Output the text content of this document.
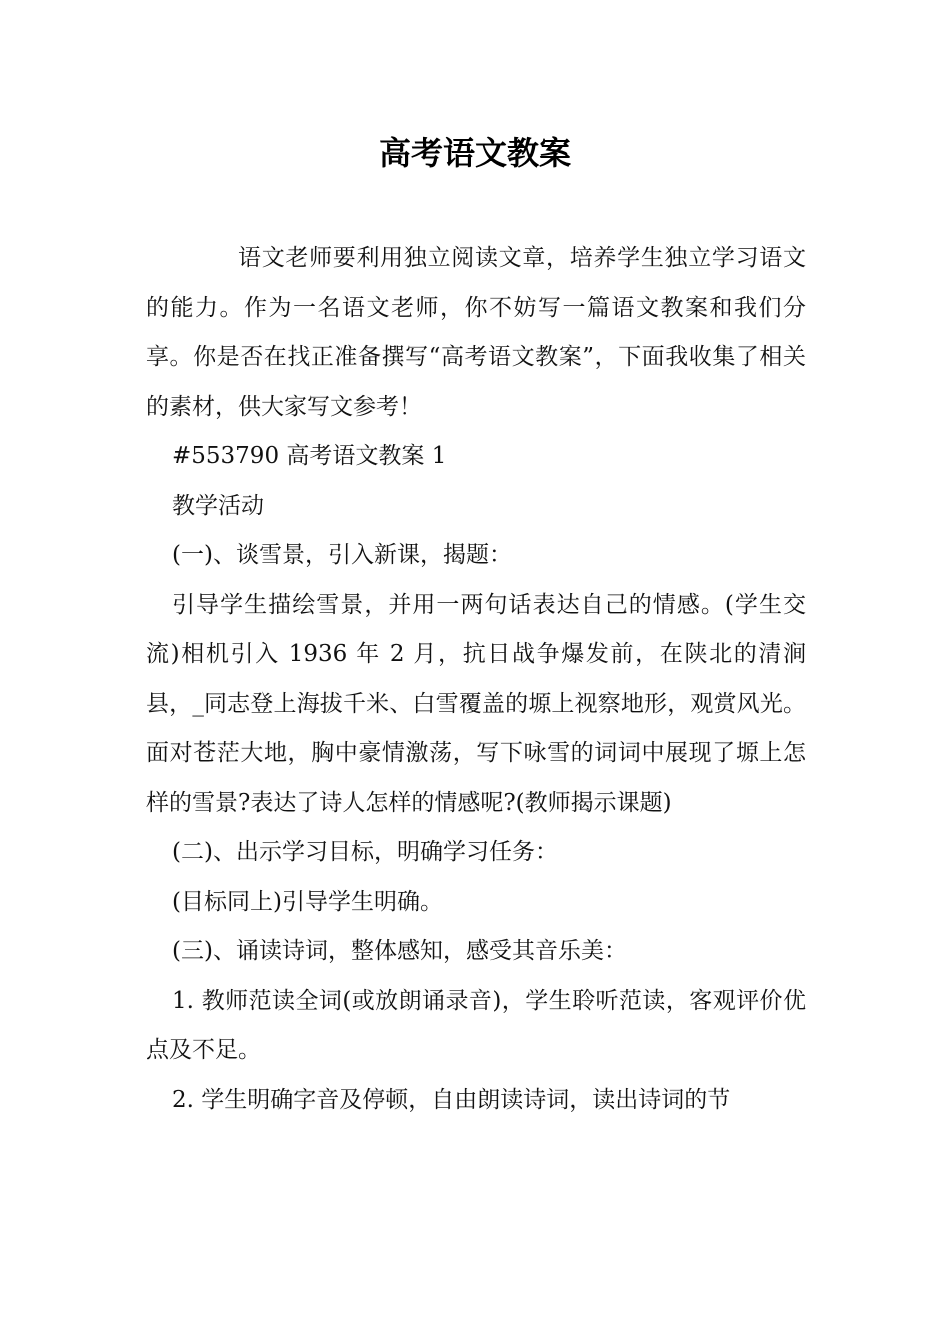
高考语文教案

语文老师要利用独立阅读文章，培养学生独立学习语文的能力。作为一名语文老师，你不妨写一篇语文教案和我们分享。你是否在找正准备撰写“高考语文教案”，下面我收集了相关的素材，供大家写文参考！

#553790 高考语文教案 1

教学活动

(一)、谈雪景，引入新课，揭题：

引导学生描绘雪景，并用一两句话表达自己的情感。(学生交流)相机引入 1936 年 2 月，抗日战争爆发前，在陕北的清涧县，_同志登上海拔千米、白雪覆盖的塬上视察地形，观赏风光。面对苍茫大地，胸中豪情激荡，写下咏雪的词词中展现了塬上怎样的雪景?表达了诗人怎样的情感呢?(教师揭示课题)

(二)、出示学习目标，明确学习任务：

(目标同上)引导学生明确。

(三)、诵读诗词，整体感知，感受其音乐美：

1. 教师范读全词(或放朗诵录音)，学生聆听范读，客观评价优点及不足。

2. 学生明确字音及停顿，自由朗读诗词，读出诗词的节
